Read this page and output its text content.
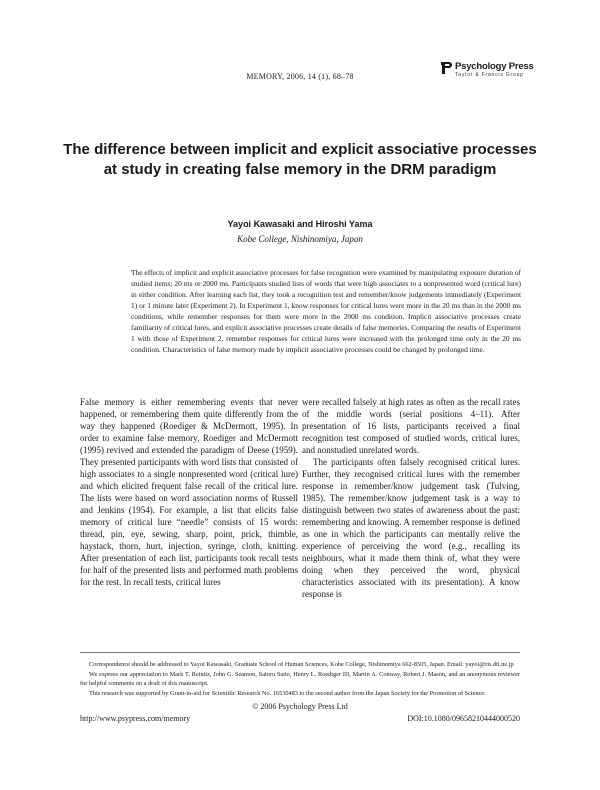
MEMORY, 2006, 14 (1), 68–78
Psychology Press
Taylor & Francis Group
The difference between implicit and explicit associative processes at study in creating false memory in the DRM paradigm
Yayoi Kawasaki and Hiroshi Yama
Kobe College, Nishinomiya, Japan
The effects of implicit and explicit associative processes for false recognition were examined by manipulating exposure duration of studied items; 20 ms or 2000 ms. Participants studied lists of words that were high associates to a nonpresented word (critical lure) in either condition. After learning each list, they took a recognition test and remember/know judgements immediately (Experiment 1) or 1 minute later (Experiment 2). In Experiment 1, know responses for critical lures were more in the 20 ms than in the 2000 ms conditions, while remember responses for them were more in the 2000 ms condition. Implicit associative processes create familiarity of critical lures, and explicit associative processes create details of false memories. Comparing the results of Experiment 1 with those of Experiment 2, remember responses for critical lures were increased with the prolonged time only in the 20 ms condition. Characteristics of false memory made by implicit associative processes could be changed by prolonged time.

False memory is either remembering events that never happened, or remembering them quite differently from the way they happened (Roediger & McDermott, 1995). In order to examine false memory, Roediger and McDermott (1995) revived and extended the paradigm of Deese (1959). They presented participants with word lists that consisted of high associates to a single nonpresented word (critical lure) and which elicited frequent false recall of the critical lure. The lists were based on word association norms of Russell and Jenkins (1954). For example, a list that elicits false memory of critical lure “needle” consists of 15 words: thread, pin, eye, sewing, sharp, point, prick, thimble, haystack, thorn, hurt, injection, syringe, cloth, knitting. After presentation of each list, participants took recall tests for half of the presented lists and performed math problems for the rest. In recall tests, critical lures

were recalled falsely at high rates as often as the recall rates of the middle words (serial positions 4–11). After presentation of 16 lists, participants received a final recognition test composed of studied words, critical lures, and nonstudied unrelated words.

The participants often falsely recognised critical lures. Further, they recognised critical lures with the remember response in remember/know judgement task (Tulving, 1985). The remember/know judgement task is a way to distinguish between two states of awareness about the past: remembering and knowing. A remember response is defined as one in which the participants can mentally relive the experience of perceiving the word (e.g., recalling its neighbours, what it made them think of, what they were doing when they perceived the word, physical characteristics associated with its presentation). A know response is

Correspondence should be addressed to Yayoi Kawasaki, Graduate School of Human Sciences, Kobe College, Nishinomiya 662-8505, Japan. Email: yayoi@ris.dti.ne.jp

We express our appreciation to Mark T. Reinitz, John G. Seamon, Satoru Saito, Henry L. Roediger III, Martin A. Conway, Robert J. Mason, and an anonymous reviewer for helpful comments on a draft of this manuscript.

This research was supported by Grant-in-aid for Scientific Research No. 16530483 to the second author from the Japan Society for the Promotion of Science.

© 2006 Psychology Press Ltd
http://www.psypress.com/memory	DOI:10.1080/09658210444000520
